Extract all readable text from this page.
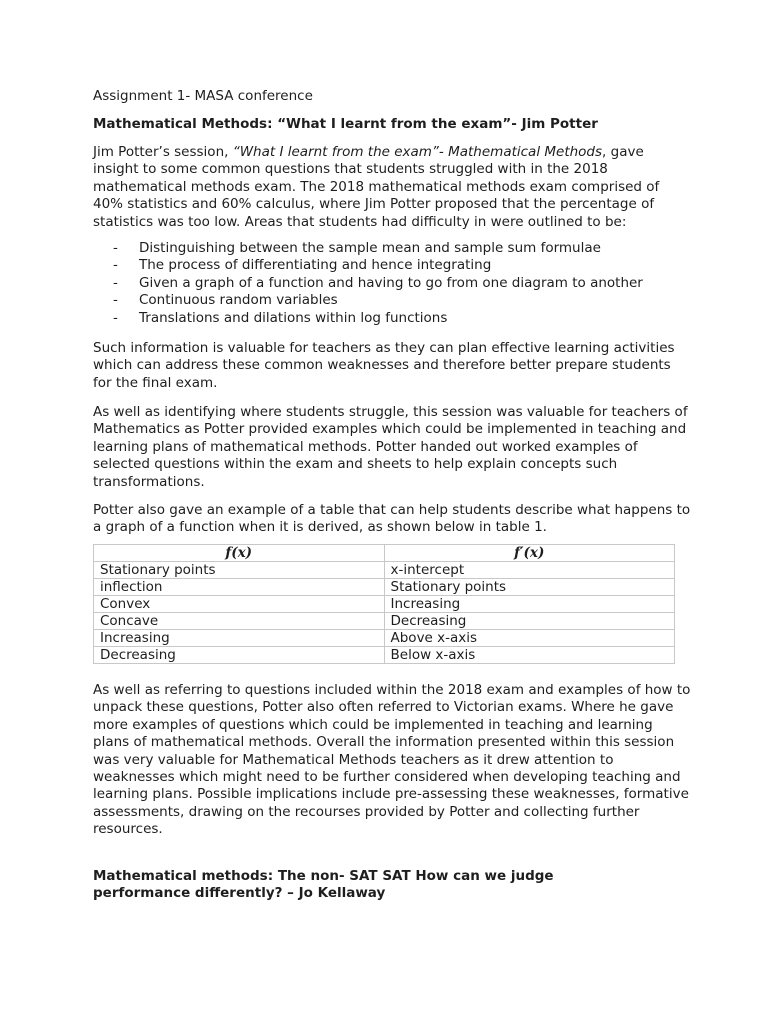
Assignment 1- MASA conference

Mathematical Methods: “What I learnt from the exam”- Jim Potter

Jim Potter’s session, “What I learnt from the exam”- Mathematical Methods, gave insight to some common questions that students struggled with in the 2018 mathematical methods exam. The 2018 mathematical methods exam comprised of 40% statistics and 60% calculus, where Jim Potter proposed that the percentage of statistics was too low. Areas that students had difficulty in were outlined to be:

- Distinguishing between the sample mean and sample sum formulae
- The process of differentiating and hence integrating
- Given a graph of a function and having to go from one diagram to another
- Continuous random variables
- Translations and dilations within log functions

Such information is valuable for teachers as they can plan effective learning activities which can address these common weaknesses and therefore better prepare students for the final exam.

As well as identifying where students struggle, this session was valuable for teachers of Mathematics as Potter provided examples which could be implemented in teaching and learning plans of mathematical methods. Potter handed out worked examples of selected questions within the exam and sheets to help explain concepts such transformations.

Potter also gave an example of a table that can help students describe what happens to a graph of a function when it is derived, as shown below in table 1.

f(x)	f′(x)
Stationary points	x-intercept
inflection	Stationary points
Convex	Increasing
Concave	Decreasing
Increasing	Above x-axis
Decreasing	Below x-axis

As well as referring to questions included within the 2018 exam and examples of how to unpack these questions, Potter also often referred to Victorian exams. Where he gave more examples of questions which could be implemented in teaching and learning plans of mathematical methods. Overall the information presented within this session was very valuable for Mathematical Methods teachers as it drew attention to weaknesses which might need to be further considered when developing teaching and learning plans. Possible implications include pre-assessing these weaknesses, formative assessments, drawing on the recourses provided by Potter and collecting further resources.

Mathematical methods: The non- SAT SAT How can we judge performance differently? – Jo Kellaway
